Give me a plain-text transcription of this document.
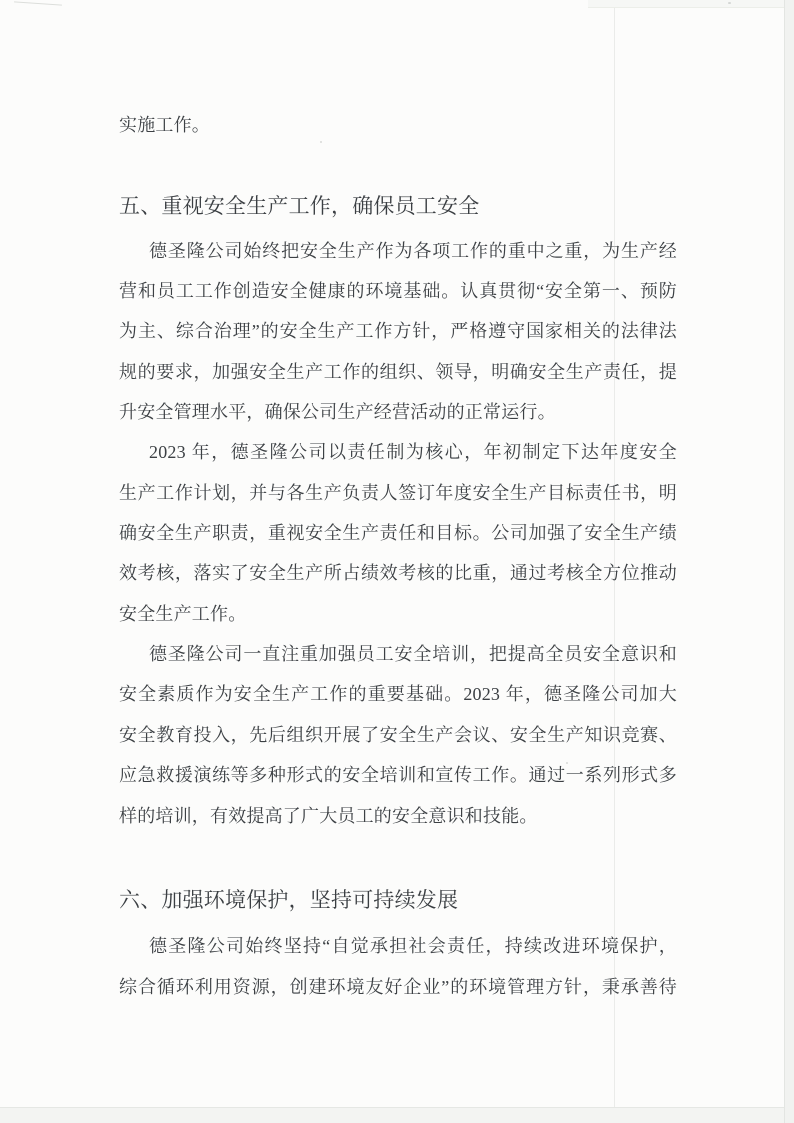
实施工作。
五、重视安全生产工作，确保员工安全
德圣隆公司始终把安全生产作为各项工作的重中之重，为生产经
营和员工工作创造安全健康的环境基础。认真贯彻“安全第一、预防
为主、综合治理”的安全生产工作方针，严格遵守国家相关的法律法
规的要求，加强安全生产工作的组织、领导，明确安全生产责任，提
升安全管理水平，确保公司生产经营活动的正常运行。
2023 年，德圣隆公司以责任制为核心，年初制定下达年度安全
生产工作计划，并与各生产负责人签订年度安全生产目标责任书，明
确安全生产职责，重视安全生产责任和目标。公司加强了安全生产绩
效考核，落实了安全生产所占绩效考核的比重，通过考核全方位推动
安全生产工作。
德圣隆公司一直注重加强员工安全培训，把提高全员安全意识和
安全素质作为安全生产工作的重要基础。2023 年，德圣隆公司加大
安全教育投入，先后组织开展了安全生产会议、安全生产知识竞赛、
应急救援演练等多种形式的安全培训和宣传工作。通过一系列形式多
样的培训，有效提高了广大员工的安全意识和技能。
六、加强环境保护，坚持可持续发展
德圣隆公司始终坚持“自觉承担社会责任，持续改进环境保护，
综合循环利用资源，创建环境友好企业”的环境管理方针，秉承善待
